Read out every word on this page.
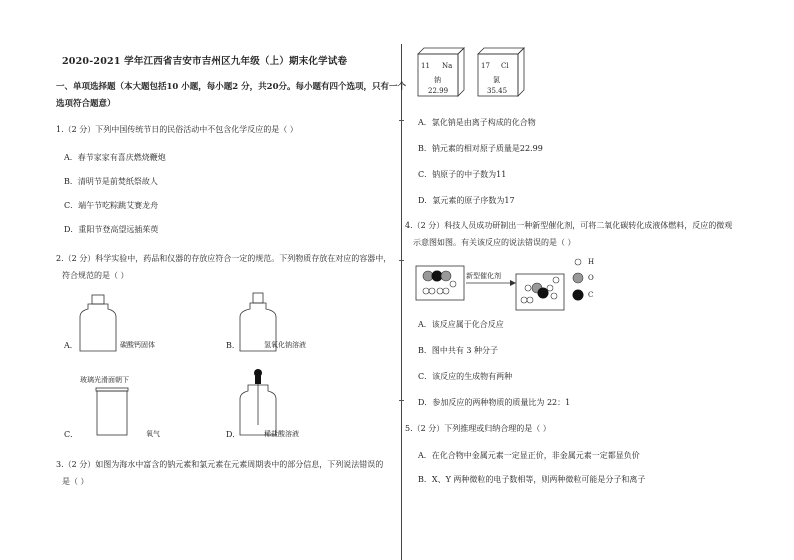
2020-2021 学年江西省吉安市吉州区九年级（上）期末化学试卷
一、单项选择题（本大题包括10 小题，每小题2 分，共20分。每小题有四个选项，只有一个
选项符合题意）
1.（2 分）下列中国传统节日的民俗活动中不包含化学反应的是（ ）
A．春节家家有喜庆燃烧鞭炮
B．清明节是前焚纸祭故人
C．端午节吃粽跳艾赛龙舟
D．重阳节登高望远插茱萸
2.（2 分）科学实验中，药品和仪器的存放应符合一定的规范。下列物质存放在对应的容器中，
符合规范的是（ ）
A．	碳酸钙固体	B．	氢氧化钠溶液
玻璃光滑面朝下
C．	氧气	D．	稀盐酸溶液
3.（2 分）如图为海水中富含的钠元素和氯元素在元素周期表中的部分信息，下列说法错误的
是（ ）
11 Na
钠
22.99
17 Cl
氯
35.45
A．氯化钠是由离子构成的化合物
B．钠元素的相对原子质量是22.99
C．钠原子的中子数为11
D．氯元素的原子序数为17
4.（2 分）科技人员成功研制出一种新型催化剂，可将二氧化碳转化成液体燃料，反应的微观
示意图如图。有关该反应的说法错误的是（ ）
新型催化剂
H
O
C
A．该反应属于化合反应
B．图中共有 3 种分子
C．该反应的生成物有两种
D．参加反应的两种物质的质量比为 22：1
5.（2 分）下列推理或归纳合理的是（ ）
A．在化合物中金属元素一定显正价，非金属元素一定都显负价
B．X、Y 两种微粒的电子数相等，则两种微粒可能是分子和离子
